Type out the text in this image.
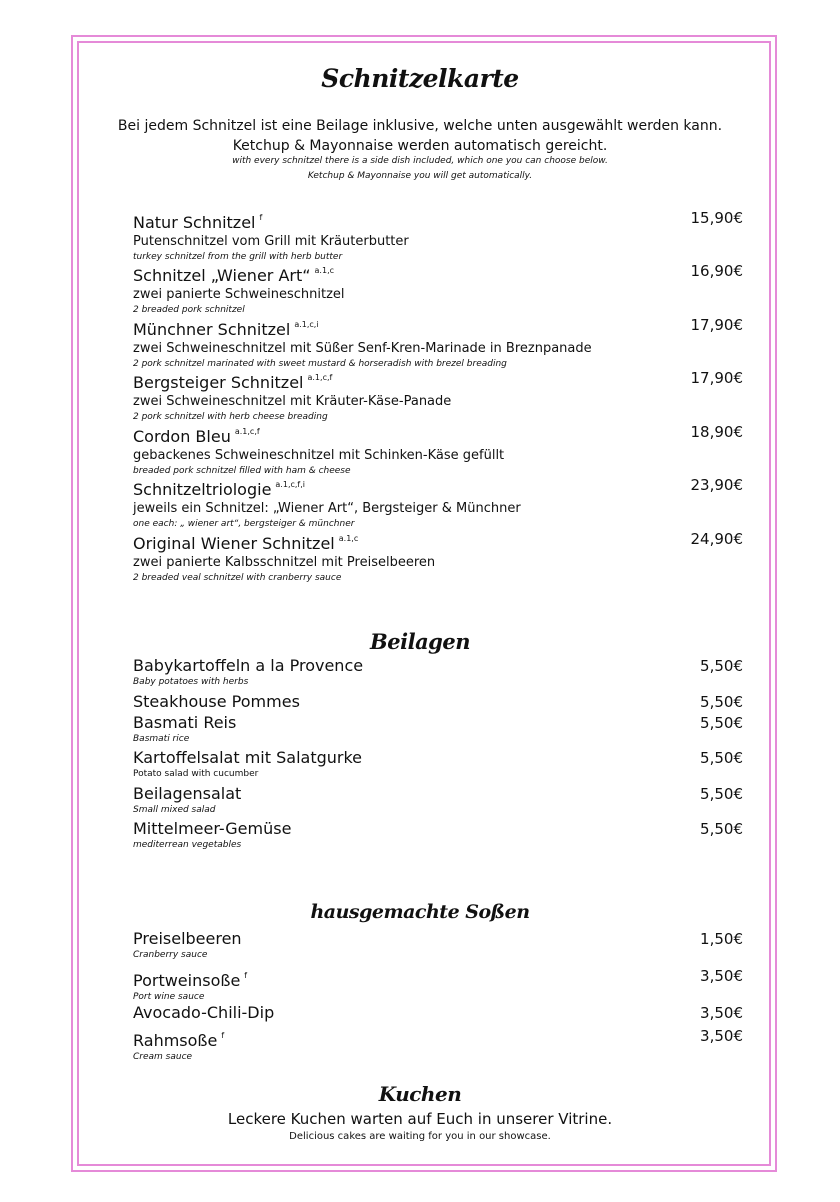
Schnitzelkarte
Bei jedem Schnitzel ist eine Beilage inklusive, welche unten ausgewählt werden kann.
Ketchup & Mayonnaise werden automatisch gereicht.
with every schnitzel there is a side dish included, which one you can choose below.
Ketchup & Mayonnaise you will get automatically.
Natur Schnitzel $^f$	15,90€
Putenschnitzel vom Grill mit Kräuterbutter
turkey schnitzel from the grill with herb butter
Schnitzel „Wiener Art“ $^{a.1,c}$	16,90€
zwei panierte Schweineschnitzel
2 breaded pork schnitzel
Münchner Schnitzel $^{a.1,c,i}$	17,90€
zwei Schweineschnitzel mit Süßer Senf-Kren-Marinade in Breznpanade
2 pork schnitzel marinated with sweet mustard & horseradish with brezel breading
Bergsteiger Schnitzel $^{a.1,c,f}$	17,90€
zwei Schweineschnitzel mit Kräuter-Käse-Panade
2 pork schnitzel with herb cheese breading
Cordon Bleu $^{a.1,c,f}$	18,90€
gebackenes Schweineschnitzel mit Schinken-Käse gefüllt
breaded pork schnitzel filled with ham & cheese
Schnitzeltriologie $^{a.1,c,f,i}$	23,90€
jeweils ein Schnitzel: „Wiener Art“, Bergsteiger & Münchner
one each: „ wiener art“, bergsteiger & münchner
Original Wiener Schnitzel $^{a.1,c}$	24,90€
zwei panierte Kalbsschnitzel mit Preiselbeeren
2 breaded veal schnitzel with cranberry sauce
Beilagen
Babykartoffeln a la Provence	5,50€
Baby potatoes with herbs
Steakhouse Pommes	5,50€
Basmati Reis	5,50€
Basmati rice
Kartoffelsalat mit Salatgurke	5,50€
Potato salad with cucumber
Beilagensalat	5,50€
Small mixed salad
Mittelmeer-Gemüse	5,50€
mediterrean vegetables
hausgemachte Soßen
Preiselbeeren	1,50€
Cranberry sauce
Portweinsoße $^f$	3,50€
Port wine sauce
Avocado-Chili-Dip	3,50€
Rahmsoße $^f$	3,50€
Cream sauce
Kuchen
Leckere Kuchen warten auf Euch in unserer Vitrine.
Delicious cakes are waiting for you in our showcase.
